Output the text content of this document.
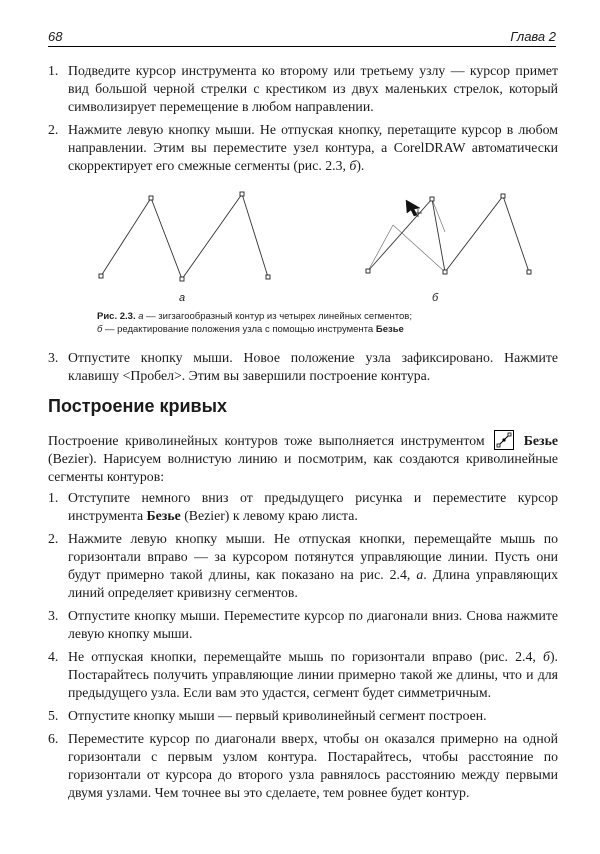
68	Глава 2
1. Подведите курсор инструмента ко второму или третьему узлу — курсор примет вид большой черной стрелки с крестиком из двух маленьких стрелок, который символизирует перемещение в любом направлении.
2. Нажмите левую кнопку мыши. Не отпуская кнопку, перетащите курсор в любом направлении. Этим вы переместите узел контура, а CorelDRAW автоматически скорректирует его смежные сегменты (рис. 2.3, б).
а	б
Рис. 2.3. а — зигзагообразный контур из четырех линейных сегментов;
б — редактирование положения узла с помощью инструмента Безье
3. Отпустите кнопку мыши. Новое положение узла зафиксировано. Нажмите клавишу <Пробел>. Этим вы завершили построение контура.
Построение кривых
Построение криволинейных контуров тоже выполняется инструментом	Безье (Bezier). Нарисуем волнистую линию и посмотрим, как создаются криволинейные сегменты контуров:
1. Отступите немного вниз от предыдущего рисунка и переместите курсор инструмента Безье (Bezier) к левому краю листа.
2. Нажмите левую кнопку мыши. Не отпуская кнопки, перемещайте мышь по горизонтали вправо — за курсором потянутся управляющие линии. Пусть они будут примерно такой длины, как показано на рис. 2.4, а. Длина управляющих линий определяет кривизну сегментов.
3. Отпустите кнопку мыши. Переместите курсор по диагонали вниз. Снова нажмите левую кнопку мыши.
4. Не отпуская кнопки, перемещайте мышь по горизонтали вправо (рис. 2.4, б). Постарайтесь получить управляющие линии примерно такой же длины, что и для предыдущего узла. Если вам это удастся, сегмент будет симметричным.
5. Отпустите кнопку мыши — первый криволинейный сегмент построен.
6. Переместите курсор по диагонали вверх, чтобы он оказался примерно на одной горизонтали с первым узлом контура. Постарайтесь, чтобы расстояние по горизонтали от курсора до второго узла равнялось расстоянию между первыми двумя узлами. Чем точнее вы это сделаете, тем ровнее будет контур.
